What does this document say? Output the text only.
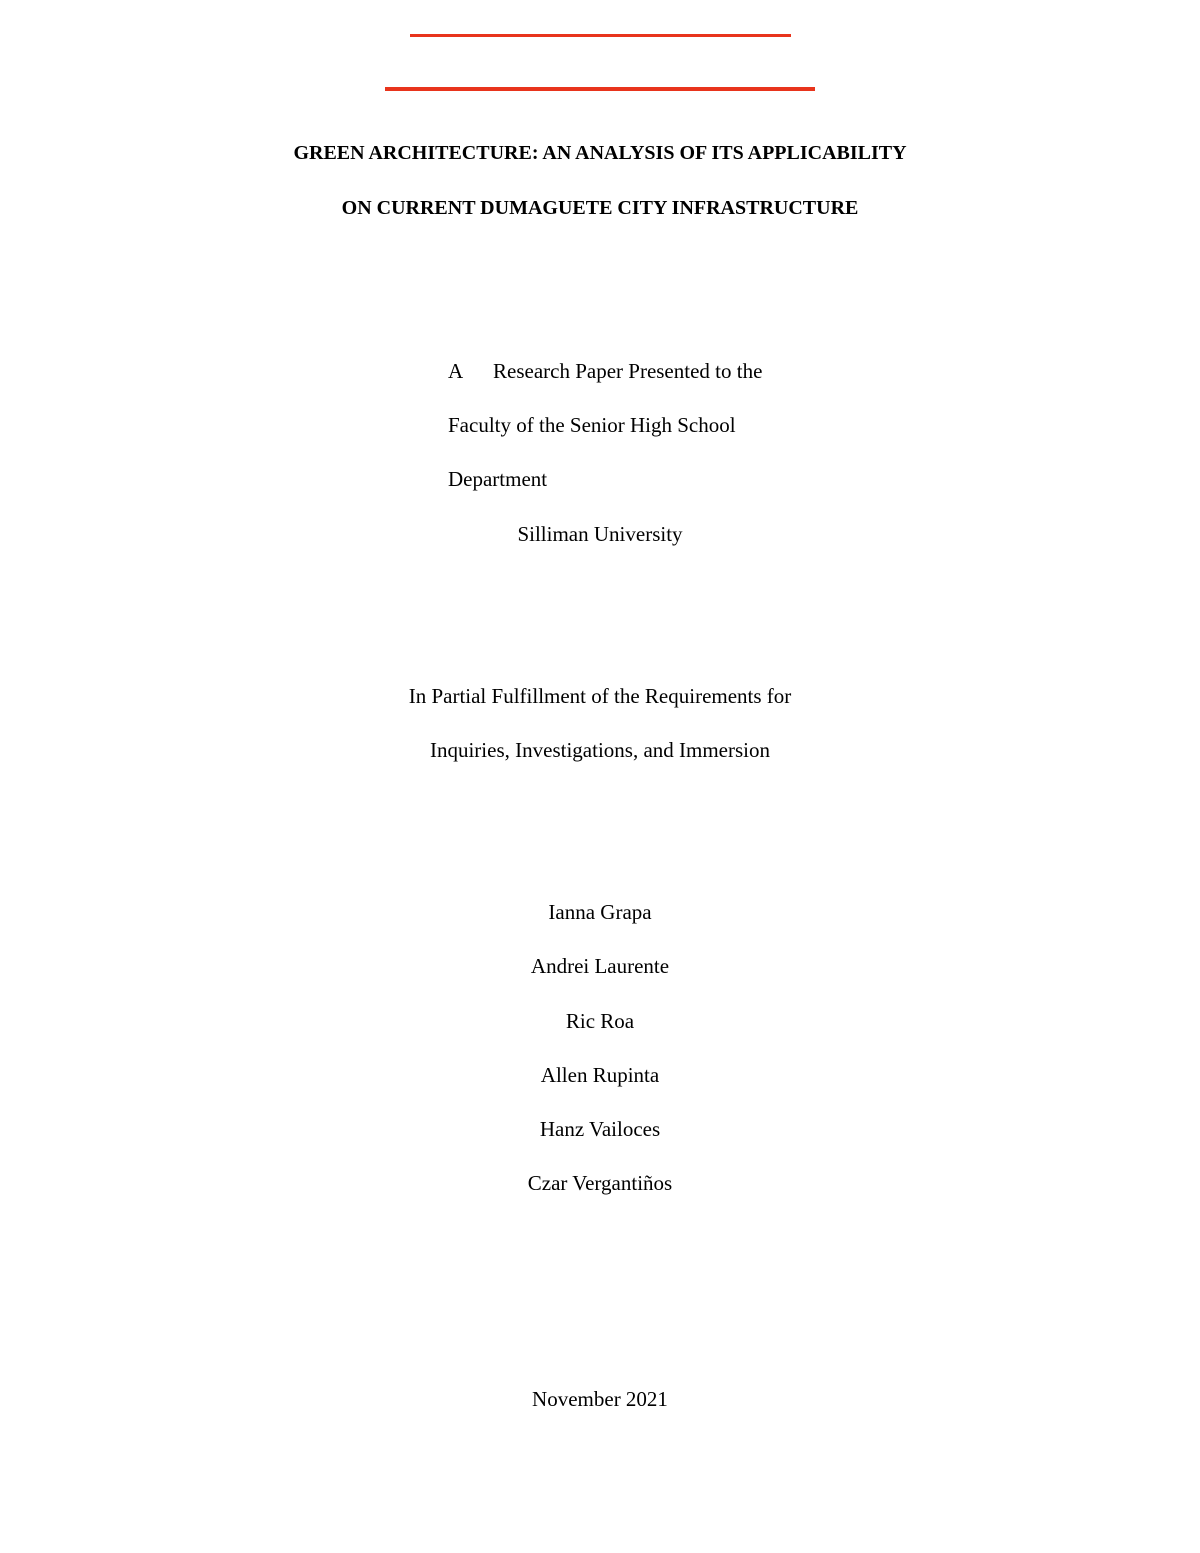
GREEN ARCHITECTURE: AN ANALYSIS OF ITS APPLICABILITY
ON CURRENT DUMAGUETE CITY INFRASTRUCTURE
A Research Paper Presented to the
Faculty of the Senior High School
Department
Silliman University
In Partial Fulfillment of the Requirements for
Inquiries, Investigations, and Immersion
Ianna Grapa
Andrei Laurente
Ric Roa
Allen Rupinta
Hanz Vailoces
Czar Vergantiños
November 2021
